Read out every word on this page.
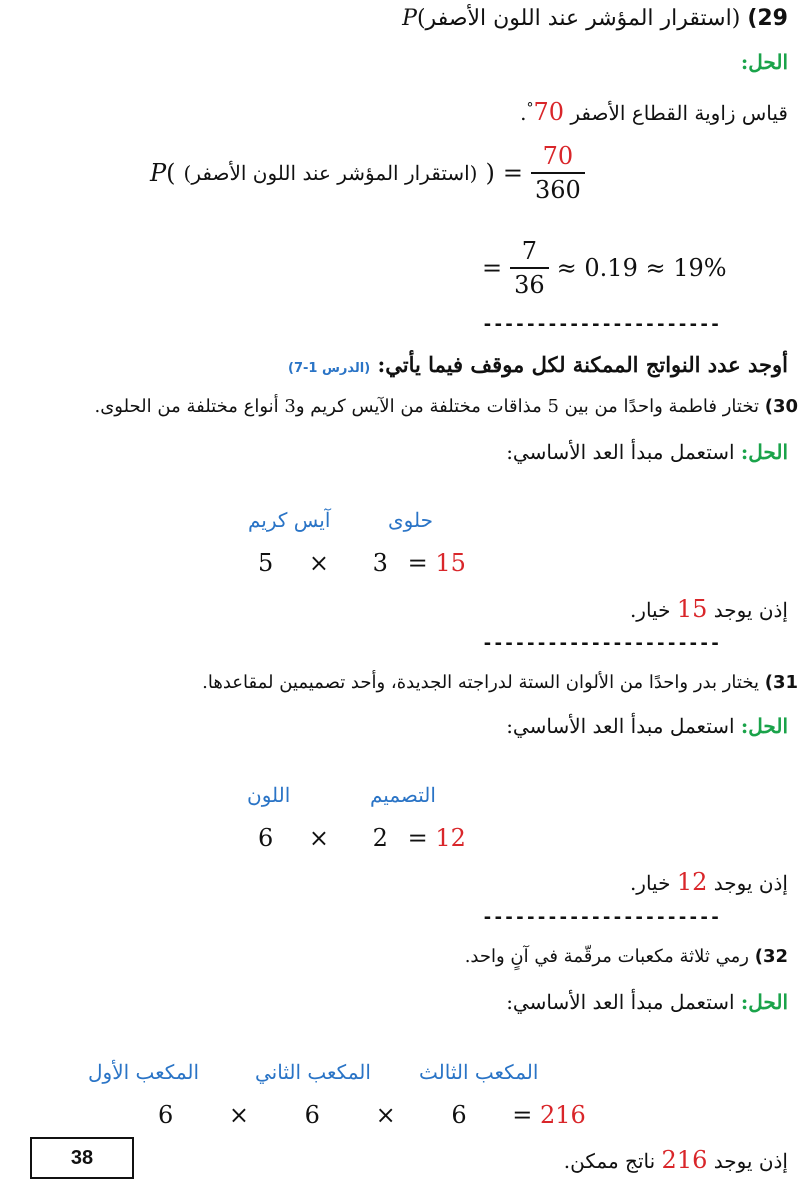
29) (استقرار المؤشر عند اللون الأصفر)P
الحل:
قياس زاوية القطاع الأصفر 70°.
P( (استقرار المؤشر عند اللون الأصفر) ) = $\frac{70}{360}$
= $\frac{7}{36} \approx 0.19 \approx 19\%$
----------------------
أوجد عدد النواتج الممكنة لكل موقف فيما يأتي: (الدرس 1-7)
30) تختار فاطمة واحدًا من بين 5 مذاقات مختلفة من الآيس كريم و3 أنواع مختلفة من الحلوى.
الحل: استعمل مبدأ العد الأساسي:
آيس كريم	حلوى
5 × 3 = 15
إذن يوجد 15 خيار.
----------------------
31) يختار بدر واحدًا من الألوان الستة لدراجته الجديدة، وأحد تصميمين لمقاعدها.
الحل: استعمل مبدأ العد الأساسي:
اللون	التصميم
6 × 2 = 12
إذن يوجد 12 خيار.
----------------------
32) رمي ثلاثة مكعبات مرقّمة في آنٍ واحد.
الحل: استعمل مبدأ العد الأساسي:
المكعب الأول	المكعب الثاني المكعب الثالث
6 × 6 × 6 = 216
إذن يوجد 216 ناتج ممكن.
38
